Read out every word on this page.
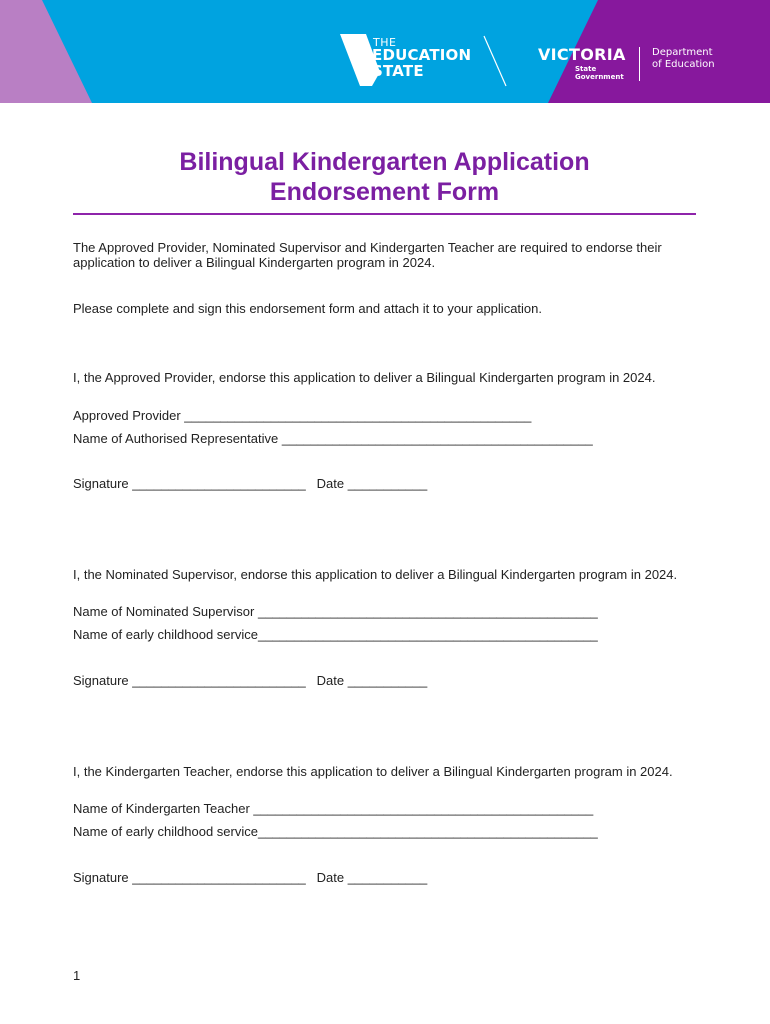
THE
EDUCATION
STATE
VICTORIA
State
Government
Department
of Education
Bilingual Kindergarten Application
Endorsement Form

The Approved Provider, Nominated Supervisor and Kindergarten Teacher are required to endorse their application to deliver a Bilingual Kindergarten program in 2024.

Please complete and sign this endorsement form and attach it to your application.

I, the Approved Provider, endorse this application to deliver a Bilingual Kindergarten program in 2024.

Approved Provider ________________________________________________

Name of Authorised Representative ___________________________________________

Signature ________________________   Date ___________

I, the Nominated Supervisor, endorse this application to deliver a Bilingual Kindergarten program in 2024.

Name of Nominated Supervisor _______________________________________________

Name of early childhood service_______________________________________________

Signature ________________________   Date ___________

I, the Kindergarten Teacher, endorse this application to deliver a Bilingual Kindergarten program in 2024.

Name of Kindergarten Teacher _______________________________________________

Name of early childhood service_______________________________________________

Signature ________________________   Date ___________

1
